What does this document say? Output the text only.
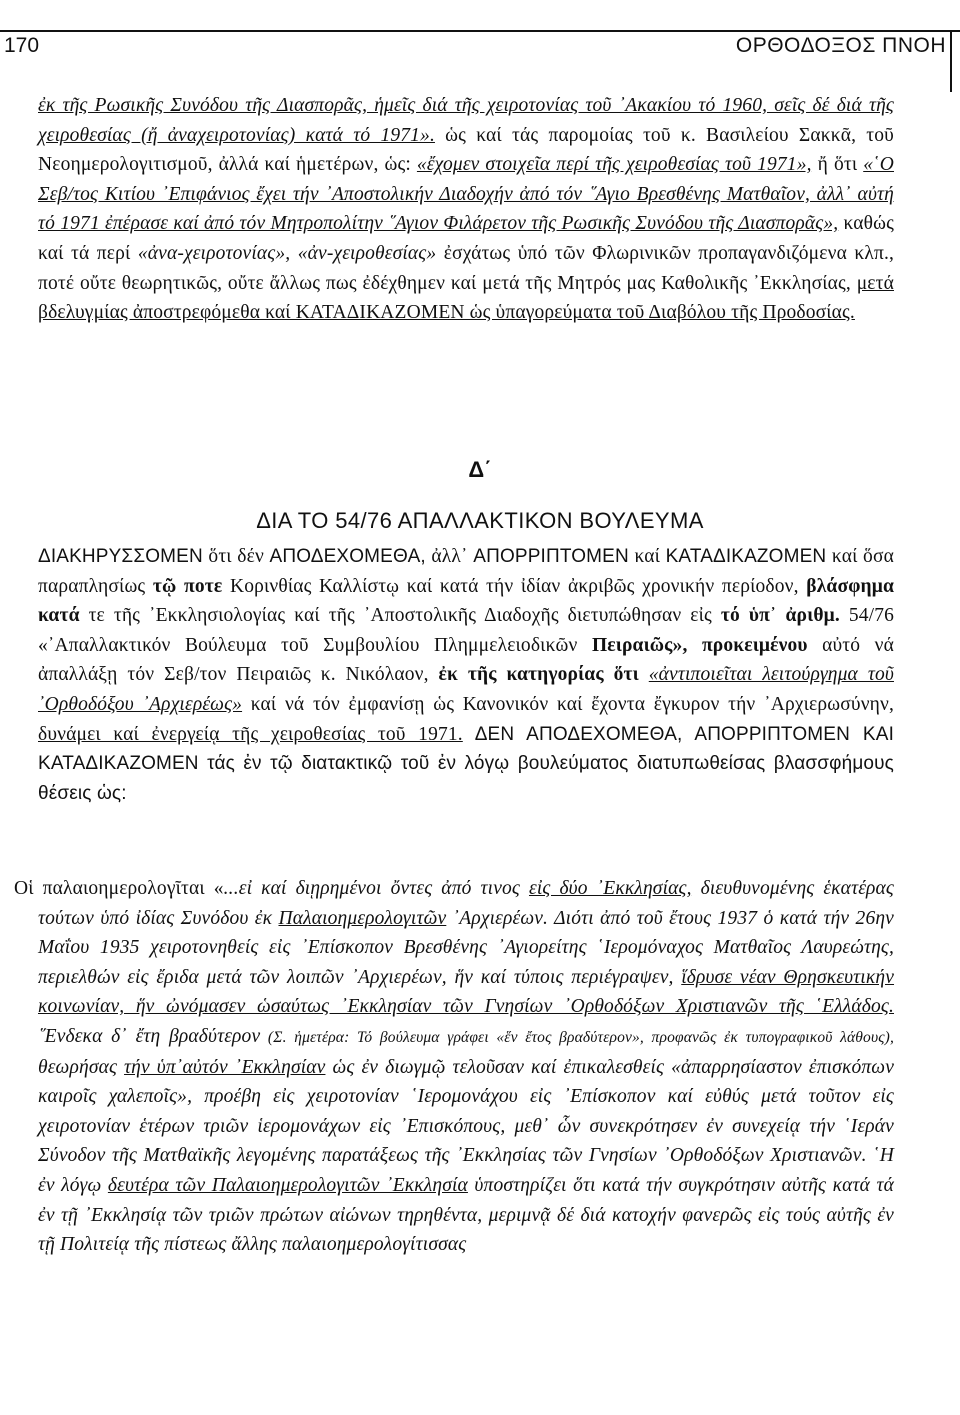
170	ΟΡΘΟΔΟΞΟΣ ΠΝΟΗ

ἐκ τῆς Ρωσικῆς Συνόδου τῆς Διασπορᾶς, ἡμεῖς διά τῆς χειροτονίας τοῦ ᾿Ακακίου τό 1960, σεῖς δέ διά τῆς χειροθεσίας (ἤ ἀναχειροτονίας) κατά τό 1971». ὡς καί τάς παρομοίας τοῦ κ. Βασιλείου Σακκᾶ, τοῦ Νεοημερολογιτισμοῦ, ἀλλά καί ἡμετέρων, ὡς: «ἔχομεν στοιχεῖα περί τῆς χειροθεσίας τοῦ 1971», ἤ ὅτι «῾Ο Σεβ/τος Κιτίου ᾿Επιφάνιος ἔχει τήν ᾿Αποστολικήν Διαδοχήν ἀπό τόν ῞Αγιο Βρεσθένης Ματθαῖον, ἀλλ᾿ αὐτή τό 1971 ἐπέρασε καί ἀπό τόν Μητροπολίτην ῞Αγιον Φιλάρετον τῆς Ρωσικῆς Συνόδου τῆς Διασπορᾶς», καθώς καί τά περί «ἀνα-χειροτονίας», «ἀν-χειροθεσίας» ἐσχάτως ὑπό τῶν Φλωρινικῶν προπαγανδιζόμενα κλπ., ποτέ οὔτε θεωρητικῶς, οὔτε ἄλλως πως ἐδέχθημεν καί μετά τῆς Μητρός μας Καθολικῆς ᾿Εκκλησίας, μετά βδελυγμίας ἀποστρεφόμεθα καί ΚΑΤΑΔΙΚΑΖΟΜΕΝ ὡς ὑπαγορεύματα τοῦ Διαβόλου τῆς Προδοσίας.

Δ΄
ΔΙΑ ΤΟ 54/76 ΑΠΑΛΛΑΚΤΙΚΟΝ ΒΟΥΛΕΥΜΑ
ΔΙΑΚΗΡΥΣΣΟΜΕΝ ὅτι δέν ΑΠΟΔΕΧΟΜΕΘΑ, ἀλλ᾿ ΑΠΟΡΡΙΠΤΟΜΕΝ καί ΚΑΤΑΔΙΚΑΖΟΜΕΝ καί ὅσα παραπλησίως τῷ ποτε Κορινθίας Καλλίστῳ καί κατά τήν ἰδίαν ἀκριβῶς χρονικήν περίοδον, βλάσφημα κατά τε τῆς ᾿Εκκλησιολογίας καί τῆς ᾿Αποστολικῆς Διαδοχῆς διετυπώθησαν εἰς τό ὑπ᾿ ἀριθμ. 54/76 «᾿Απαλλακτικόν Βούλευμα τοῦ Συμβουλίου Πλημμελειοδικῶν Πειραιῶς», προκειμένου αὐτό νά ἀπαλλάξῃ τόν Σεβ/τον Πειραιῶς κ. Νικόλαον, ἐκ τῆς κατηγορίας ὅτι «ἀντιποιεῖται λειτούργημα τοῦ ᾿Ορθοδόξου ᾿Αρχιερέως» καί νά τόν ἐμφανίσῃ ὡς Κανονικόν καί ἔχοντα ἔγκυρον τήν ᾿Αρχιερωσύνην, δυνάμει καί ἐνεργείᾳ τῆς χειροθεσίας τοῦ 1971. ΔΕΝ ΑΠΟΔΕΧΟΜΕΘΑ, ΑΠΟΡΡΙΠΤΟΜΕΝ ΚΑΙ ΚΑΤΑΔΙΚΑΖΟΜΕΝ τάς ἐν τῷ διατακτικῷ τοῦ ἐν λόγῳ βουλεύματος διατυπωθείσας βλασσφήμους θέσεις ὡς:
Οἱ παλαιοημερολογῖται «...εἰ καί διῃρημένοι ὄντες ἀπό τινος εἰς δύο ᾿Εκκλησίας, διευθυνομένης ἑκατέρας τούτων ὑπό ἰδίας Συνόδου ἐκ Παλαιοημερολογιτῶν ᾿Αρχιερέων. Διότι ἀπό τοῦ ἔτους 1937 ὁ κατά τήν 26ην Μαΐου 1935 χειροτονηθείς εἰς ᾿Επίσκοπον Βρεσθένης ᾿Αγιορείτης ῾Ιερομόναχος Ματθαῖος Λαυρεώτης, περιελθών εἰς ἔριδα μετά τῶν λοιπῶν ᾿Αρχιερέων, ἥν καί τύποις περιέγραψεν, ἵδρυσε νέαν Θρησκευτικήν κοινωνίαν, ἥν ὠνόμασεν ὡσαύτως ᾿Εκκλησίαν τῶν Γνησίων ᾿Ορθοδόξων Χριστιανῶν τῆς ῾Ελλάδος. ῞Ενδεκα δ᾿ ἔτη βραδύτερον (Σ. ἡμετέρα: Τό βούλευμα γράφει «ἕν ἔτος βραδύτερον», προφανῶς ἐκ τυπογραφικοῦ λάθους), θεωρήσας τήν ὑπ᾿αὐτόν ᾿Εκκλησίαν ὡς ἐν διωγμῷ τελοῦσαν καί ἐπικαλεσθείς «ἀπαρρησίαστον ἐπισκόπων καιροῖς χαλεποῖς», προέβη εἰς χειροτονίαν ῾Ιερομονάχου εἰς ᾿Επίσκοπον καί εὐθύς μετά τοῦτον εἰς χειροτονίαν ἑτέρων τριῶν ἱερομονάχων εἰς ᾿Επισκόπους, μεθ᾿ ὧν συνεκρότησεν ἐν συνεχείᾳ τήν ῾Ιεράν Σύνοδον τῆς Ματθαϊκῆς λεγομένης παρατάξεως τῆς ᾿Εκκλησίας τῶν Γνησίων ᾿Ορθοδόξων Χριστιανῶν. ῾Η ἐν λόγῳ δευτέρα τῶν Παλαιοημερολογιτῶν ᾿Εκκλησία ὑποστηρίζει ὅτι κατά τήν συγκρότησιν αὐτῆς κατά τά ἐν τῇ ᾿Εκκλησίᾳ τῶν τριῶν πρώτων αἰώνων τηρηθέντα, μεριμνᾷ δέ διά κατοχήν φανερῶς εἰς τούς αὐτῆς ἐν τῇ Πολιτείᾳ τῆς πίστεως ἄλλης παλαιοημερολογίτισσας
